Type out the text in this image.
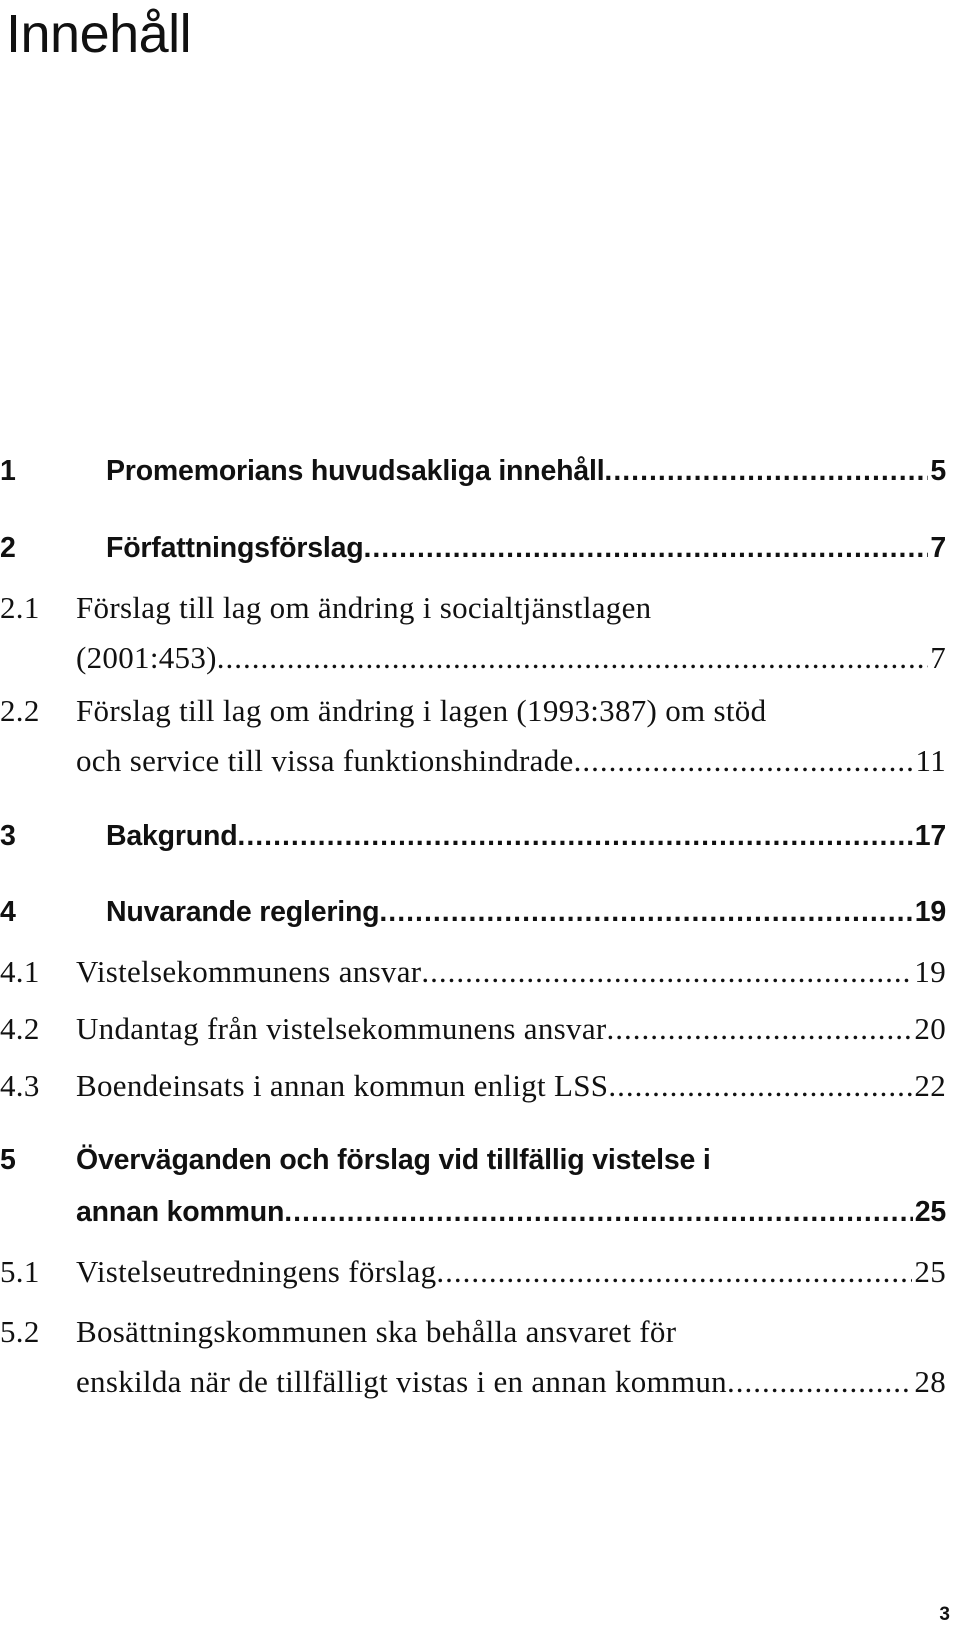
Innehåll
1	Promemorians huvudsakliga innehåll .....	5
2	Författningsförslag .....	7
2.1	Förslag till lag om ändring i socialtjänstlagen
(2001:453) .....	7
2.2	Förslag till lag om ändring i lagen (1993:387) om stöd
och service till vissa funktionshindrade .....	11
3	Bakgrund .....	17
4	Nuvarande reglering .....	19
4.1	Vistelsekommunens ansvar .....	19
4.2	Undantag från vistelsekommunens ansvar .....	20
4.3	Boendeinsats i annan kommun enligt LSS .....	22
5	Överväganden och förslag vid tillfällig vistelse i
annan kommun .....	25
5.1	Vistelseutredningens förslag .....	25
5.2	Bosättningskommunen ska behålla ansvaret för
enskilda när de tillfälligt vistas i en annan kommun .....	28
3
